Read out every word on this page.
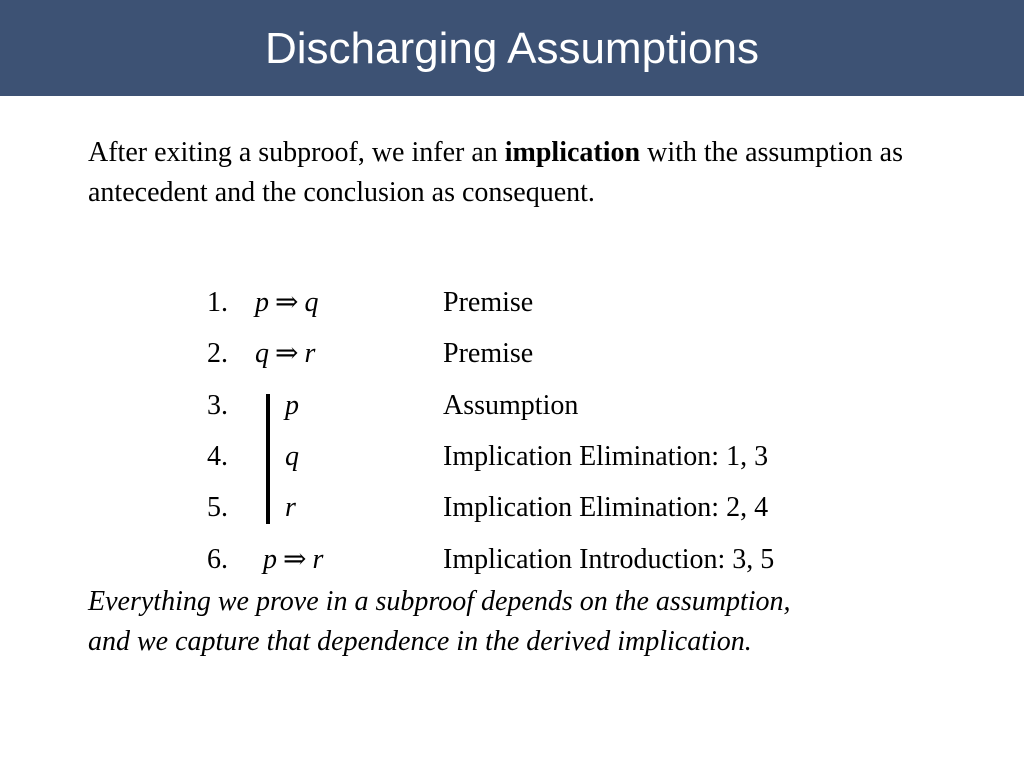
Discharging Assumptions
After exiting a subproof, we infer an implication with the assumption as antecedent and the conclusion as consequent.
1. p ⇒ q	Premise
2. q ⇒ r	Premise
3. p	Assumption
4. q	Implication Elimination: 1, 3
5. r	Implication Elimination: 2, 4
6. p ⇒ r	Implication Introduction: 3, 5
Everything we prove in a subproof depends on the assumption,
and we capture that dependence in the derived implication.
